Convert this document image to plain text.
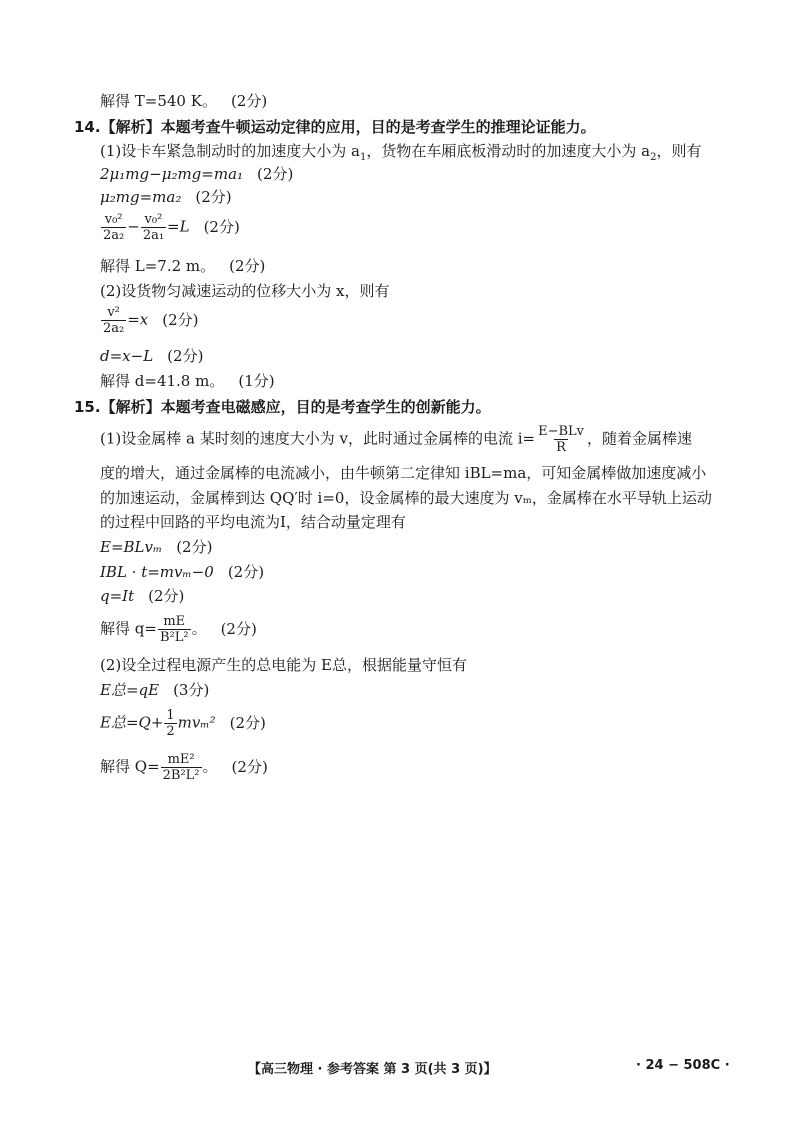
解得 T=540 K。 (2分)
14.【解析】本题考查牛顿运动定律的应用，目的是考查学生的推理论证能力。
(1)设卡车紧急制动时的加速度大小为 $a_1$，货物在车厢底板滑动时的加速度大小为 $a_2$，则有
2μ₁mg−μ₂mg=ma₁ (2分)
μ₂mg=ma₂ (2分)
$\frac{\text{v₀²}}{\text{2a₂}} - \frac{\text{v₀²}}{\text{2a₁}} =L$ (2分)
解得 L=7.2 m。 (2分)
(2)设货物匀减速运动的位移大小为 x，则有
$\frac{\text{v²}}{\text{2a₂}} =x$ (2分)
d=x−L (2分)
解得 d=41.8 m。 (1分)
15.【解析】本题考查电磁感应，目的是考查学生的创新能力。
(1)设金属棒 a 某时刻的速度大小为 v，此时通过金属棒的电流 $i= \frac{\text{E−BLv}}{R}$ ，随着金属棒速
度的增大，通过金属棒的电流减小，由牛顿第二定律知 iBL=ma，可知金属棒做加速度减小
的加速运动，金属棒到达 QQ′时 i=0，设金属棒的最大速度为 vₘ，金属棒在水平导轨上运动
的过程中回路的平均电流为I，结合动量定理有
E=BLvₘ (2分)
IBL · t=mvₘ−0 (2分)
q=It (2分)
解得 $q= \frac{mE}{\text{B²L²}}$ 。 (2分)
(2)设全过程电源产生的总电能为 E总，根据能量守恒有
E总=qE (3分)
E总$=Q+ \frac{1}{2} mv_m^2$ (2分)
解得 $Q= \frac{\text{mE²}}{\text{2B²L²}}$ 。 (2分)
【高三物理 · 参考答案 第 3 页(共 3 页)】	· 24 − 508C ·
